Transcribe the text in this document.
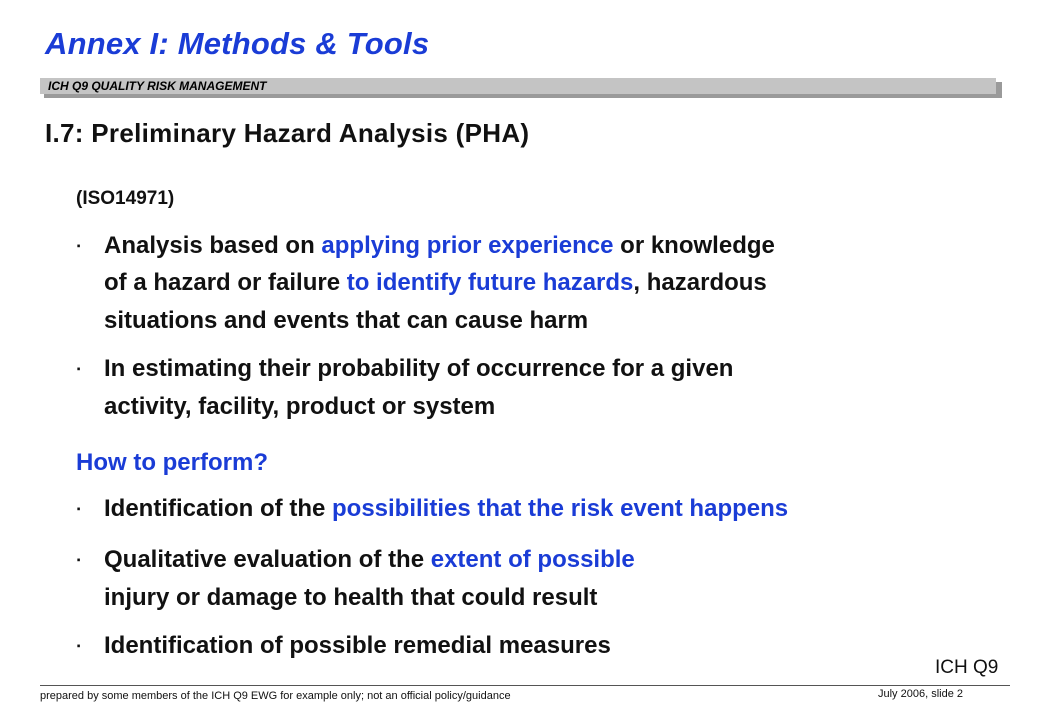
Annex I: Methods & Tools
ICH Q9 QUALITY RISK MANAGEMENT
I.7: Preliminary Hazard Analysis (PHA)
(ISO14971)
∙ Analysis based on applying prior experience or knowledge
of a hazard or failure to identify future hazards, hazardous
situations and events that can cause harm
∙ In estimating their probability of occurrence for a given
activity, facility, product or system
How to perform?
∙ Identification of the possibilities that the risk event happens
∙ Qualitative evaluation of the extent of possible
injury or damage to health that could result
∙ Identification of possible remedial measures
ICH Q9
prepared by some members of the ICH Q9 EWG for example only; not an official policy/guidance	July 2006, slide 2
